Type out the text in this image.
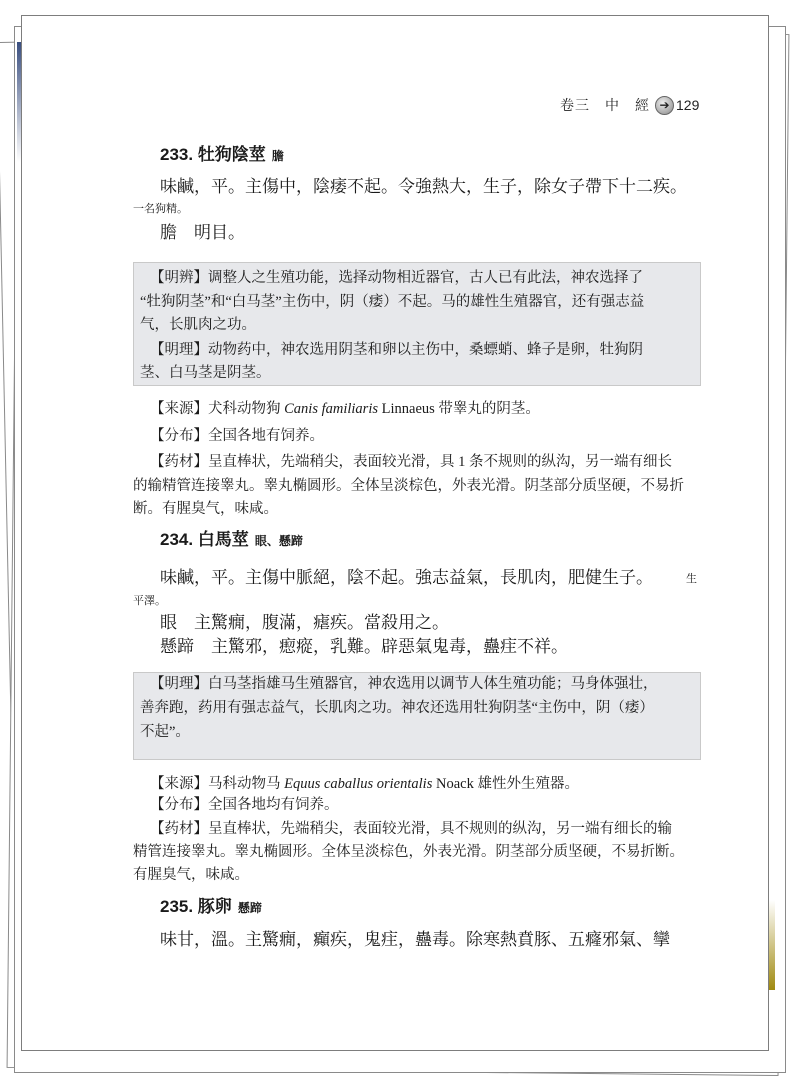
卷三　中　經 ➔ 129
233. 牡狗陰莖 膽
味鹹，平。主傷中，陰痿不起。令強熱大，生子，除女子帶下十二疾。
一名狗精。
膽　明目。
【明辨】调整人之生殖功能，选择动物相近器官，古人已有此法，神农选择了
“牡狗阴茎”和“白马茎”主伤中，阴（痿）不起。马的雄性生殖器官，还有强志益
气，长肌肉之功。
【明理】动物药中，神农选用阴茎和卵以主伤中，桑螵蛸、蜂子是卵，牡狗阴
茎、白马茎是阴茎。
【来源】犬科动物狗 Canis familiaris Linnaeus 带睾丸的阴茎。
【分布】全国各地有饲养。
【药材】呈直棒状，先端稍尖，表面较光滑，具 1 条不规则的纵沟，另一端有细长
的输精管连接睾丸。睾丸椭圆形。全体呈淡棕色，外表光滑。阴茎部分质坚硬，不易折
断。有腥臭气，味咸。
234. 白馬莖 眼、懸蹄
味鹹，平。主傷中脈絕，陰不起。強志益氣，長肌肉，肥健生子。	生
平澤。
眼　主驚癇，腹滿，瘧疾。當殺用之。
懸蹄　主驚邪，瘛瘲，乳難。辟惡氣鬼毒，蠱疰不祥。
【明理】白马茎指雄马生殖器官，神农选用以调节人体生殖功能；马身体强壮，
善奔跑，药用有强志益气，长肌肉之功。神农还选用牡狗阴茎“主伤中，阴（痿）
不起”。
【来源】马科动物马 Equus caballus orientalis Noack 雄性外生殖器。
【分布】全国各地均有饲养。
【药材】呈直棒状，先端稍尖，表面较光滑，具不规则的纵沟，另一端有细长的输
精管连接睾丸。睾丸椭圆形。全体呈淡棕色，外表光滑。阴茎部分质坚硬，不易折断。
有腥臭气，味咸。
235. 豚卵 懸蹄
味甘，溫。主驚癇，癲疾，鬼疰，蠱毒。除寒熱賁豚、五癃邪氣、攣
